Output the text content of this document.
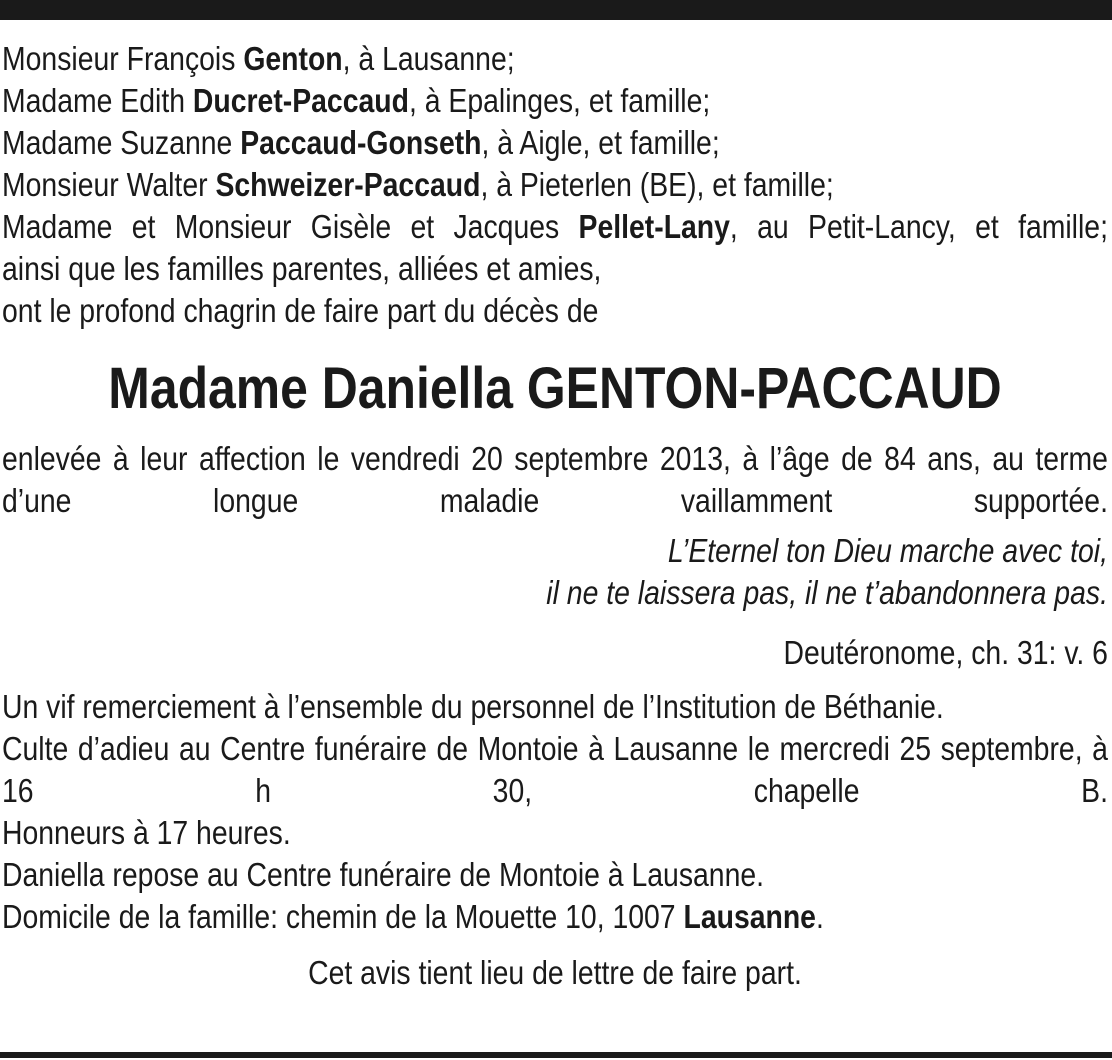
Monsieur François Genton, à Lausanne;
Madame Edith Ducret-Paccaud, à Epalinges, et famille;
Madame Suzanne Paccaud-Gonseth, à Aigle, et famille;
Monsieur Walter Schweizer-Paccaud, à Pieterlen (BE), et famille;
Madame et Monsieur Gisèle et Jacques Pellet-Lany, au Petit-Lancy, et famille;
ainsi que les familles parentes, alliées et amies,
ont le profond chagrin de faire part du décès de
Madame Daniella GENTON-PACCAUD
enlevée à leur affection le vendredi 20 septembre 2013, à l’âge de 84 ans, au terme d’une longue maladie vaillamment supportée.
L’Eternel ton Dieu marche avec toi,
il ne te laissera pas, il ne t’abandonnera pas.
Deutéronome, ch. 31: v. 6
Un vif remerciement à l’ensemble du personnel de l’Institution de Béthanie.
Culte d’adieu au Centre funéraire de Montoie à Lausanne le mercredi 25 septembre, à 16 h 30, chapelle B.
Honneurs à 17 heures.
Daniella repose au Centre funéraire de Montoie à Lausanne.
Domicile de la famille: chemin de la Mouette 10, 1007 Lausanne.
Cet avis tient lieu de lettre de faire part.
